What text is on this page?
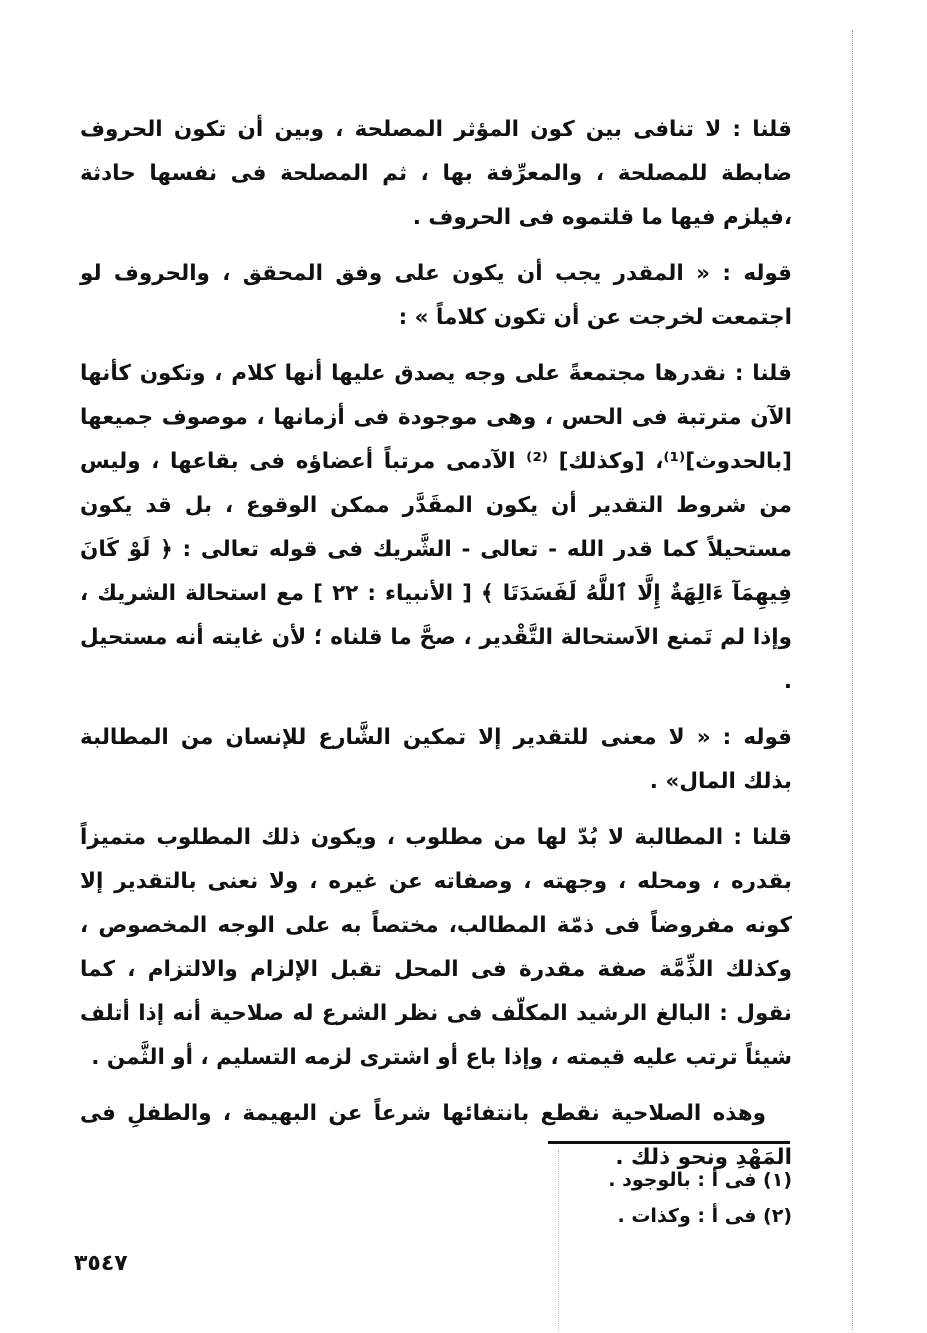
قلنا : لا تنافى بين كون المؤثر المصلحة ، وبين أن تكون الحروف ضابطة للمصلحة ، والمعرِّفة بها ، ثم المصلحة فى نفسها حادثة ،فيلزم فيها ما قلتموه فى الحروف .

قوله : « المقدر يجب أن يكون على وفق المحقق ، والحروف لو اجتمعت لخرجت عن أن تكون كلاماً » :

قلنا : نقدرها مجتمعةً على وجه يصدق عليها أنها كلام ، وتكون كأنها الآن مترتبة فى الحس ، وهى موجودة فى أزمانها ، موصوف جميعها [بالحدوث]⁽¹⁾، [وكذلك] ⁽²⁾ الآدمى مرتباً أعضاؤه فى بقاعها ، وليس من شروط التقدير أن يكون المقَدَّر ممكن الوقوع ، بل قد يكون مستحيلاً كما قدر الله - تعالى - الشَّريك فى قوله تعالى : ﴿ لَوْ كَانَ فِيهِمَآ ءَالِهَةٌ إِلَّا ٱللَّهُ لَفَسَدَتَا ﴾ [ الأنبياء : ٢٢ ] مع استحالة الشريك ، وإذا لم تَمنع الاَستحالة التَّقْدير ، صحَّ ما قلناه ؛ لأن غايته أنه مستحيل .

قوله : « لا معنى للتقدير إلا تمكين الشَّارع للإنسان من المطالبة بذلك المال» .

قلنا : المطالبة لا بُدّ لها من مطلوب ، ويكون ذلك المطلوب متميزاً بقدره ، ومحله ، وجهته ، وصفاته عن غيره ، ولا نعنى بالتقدير إلا كونه مفروضاً فى ذمّة المطالب، مختصاً به على الوجه المخصوص ، وكذلك الذِّمَّة صفة مقدرة فى المحل تقبل الإلزام والالتزام ، كما نقول : البالغ الرشيد المكلّف فى نظر الشرع له صلاحية أنه إذا أتلف شيئاً ترتب عليه قيمته ، وإذا باع أو اشترى لزمه التسليم ، أو الثَّمن .

وهذه الصلاحية نقطع بانتفائها شرعاً عن البهيمة ، والطفلِ فى المَهْدِ ونحو ذلك .

(١) فى أ : بالوجود .
(٢) فى أ : وكذات .
٣٥٤٧
